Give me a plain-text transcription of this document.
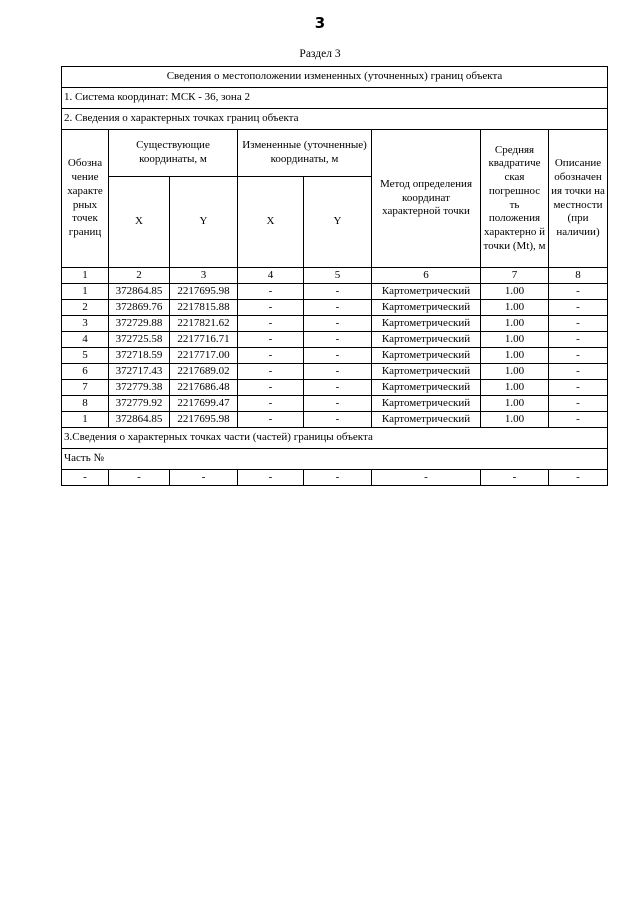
3
Раздел 3
Сведения о местоположении измененных (уточненных) границ объекта							
1. Система координат: МСК - 36, зона 2							
2. Сведения о характерных точках границ объекта							
Обозна чение характе рных точек границ	Существующие координаты, м		Измененные (уточненные) координаты, м		Метод определения координат характерной точки	Средняя квадратиче ская погрешнос ть положения характерно й точки (Mt), м	Описание обозначен ия точки на местности (при наличии)
	X	Y	X	Y			
1	2	3	4	5	6	7	8
1	372864.85	2217695.98	-	-	Картометрический	1.00	-
2	372869.76	2217815.88	-	-	Картометрический	1.00	-
3	372729.88	2217821.62	-	-	Картометрический	1.00	-
4	372725.58	2217716.71	-	-	Картометрический	1.00	-
5	372718.59	2217717.00	-	-	Картометрический	1.00	-
6	372717.43	2217689.02	-	-	Картометрический	1.00	-
7	372779.38	2217686.48	-	-	Картометрический	1.00	-
8	372779.92	2217699.47	-	-	Картометрический	1.00	-
1	372864.85	2217695.98	-	-	Картометрический	1.00	-
3.Сведения о характерных точках части (частей) границы объекта							
Часть №							
-	-	-	-	-	-	-	-
